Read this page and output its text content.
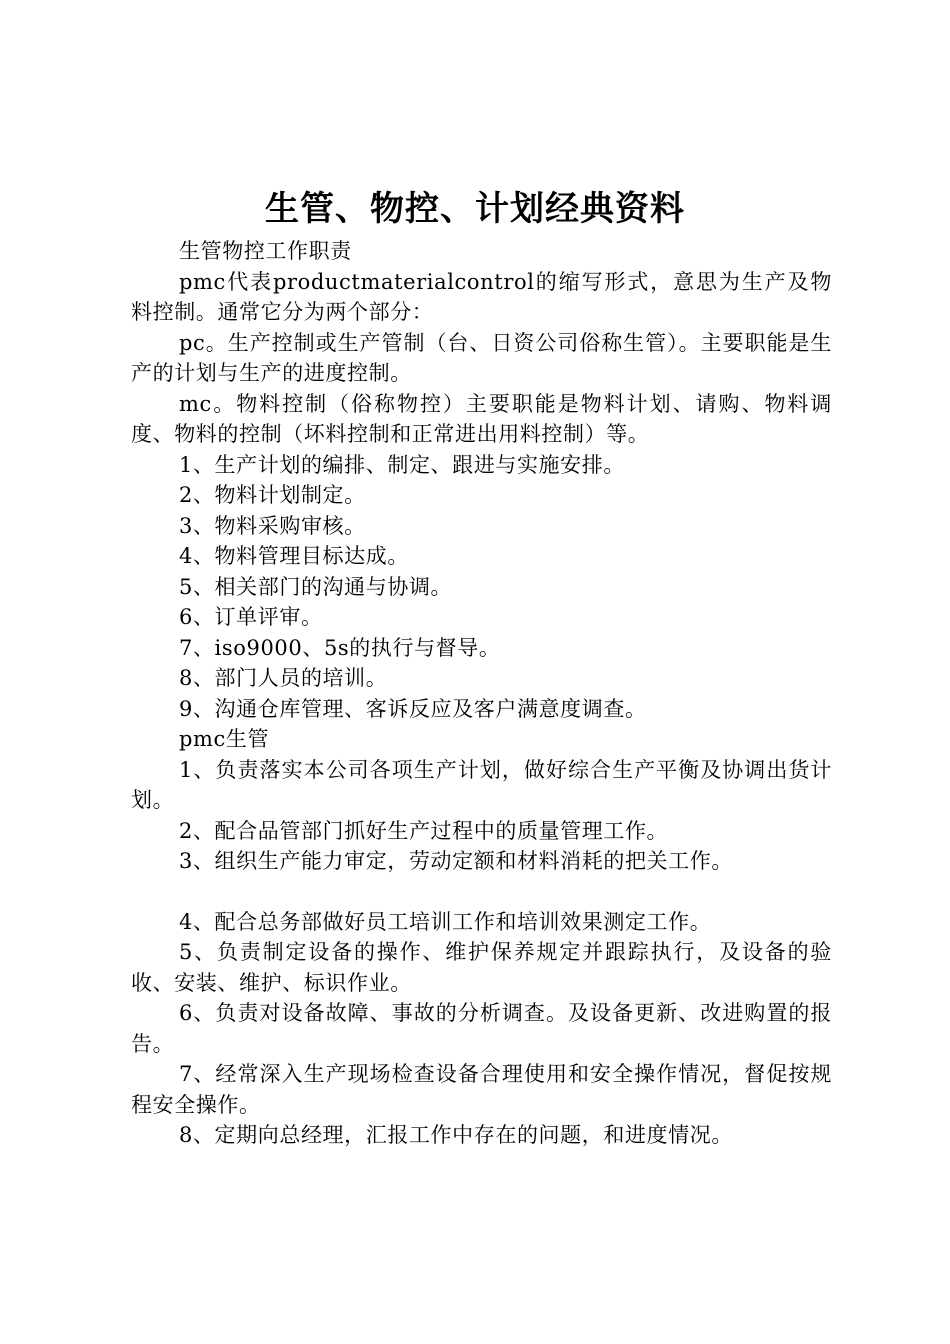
生管、物控、计划经典资料

生管物控工作职责

pmc代表productmaterialcontrol的缩写形式，意思为生产及物料控制。通常它分为两个部分：

pc。生产控制或生产管制（台、日资公司俗称生管）。主要职能是生产的计划与生产的进度控制。

mc。物料控制（俗称物控）主要职能是物料计划、请购、物料调度、物料的控制（坏料控制和正常进出用料控制）等。

1、生产计划的编排、制定、跟进与实施安排。

2、物料计划制定。

3、物料采购审核。

4、物料管理目标达成。

5、相关部门的沟通与协调。

6、订单评审。

7、iso9000、5s的执行与督导。

8、部门人员的培训。

9、沟通仓库管理、客诉反应及客户满意度调查。

pmc生管

1、负责落实本公司各项生产计划，做好综合生产平衡及协调出货计划。

2、配合品管部门抓好生产过程中的质量管理工作。

3、组织生产能力审定，劳动定额和材料消耗的把关工作。

4、配合总务部做好员工培训工作和培训效果测定工作。

5、负责制定设备的操作、维护保养规定并跟踪执行，及设备的验收、安装、维护、标识作业。

6、负责对设备故障、事故的分析调查。及设备更新、改进购置的报告。

7、经常深入生产现场检查设备合理使用和安全操作情况，督促按规程安全操作。

8、定期向总经理，汇报工作中存在的问题，和进度情况。
